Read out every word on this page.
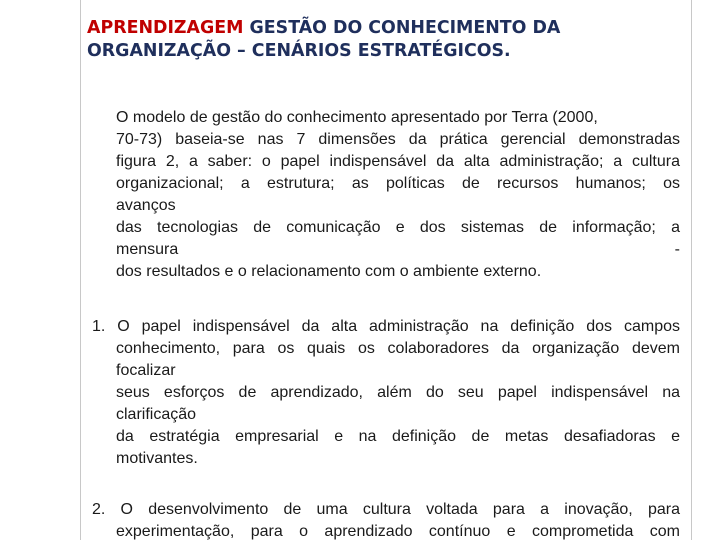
APRENDIZAGEM GESTÃO DO CONHECIMENTO DA
ORGANIZAÇÃO – CENÁRIOS ESTRATÉGICOS.
O modelo de gestão do conhecimento apresentado por Terra (2000,
70-73) baseia-se nas 7 dimensões da prática gerencial demonstradas
figura 2, a saber: o papel indispensável da alta administração; a cultura
organizacional; a estrutura; as políticas de recursos humanos; os
avanços
das tecnologias de comunicação e dos sistemas de informação; a
mensura	-
dos resultados e o relacionamento com o ambiente externo.
1. O papel indispensável da alta administração na definição dos campos
conhecimento, para os quais os colaboradores da organização devem
focalizar
seus esforços de aprendizado, além do seu papel indispensável na
clarificação
da estratégia empresarial e na definição de metas desafiadoras e
motivantes.
2. O desenvolvimento de uma cultura voltada para a inovação, para
experimentação, para o aprendizado contínuo e comprometida com
